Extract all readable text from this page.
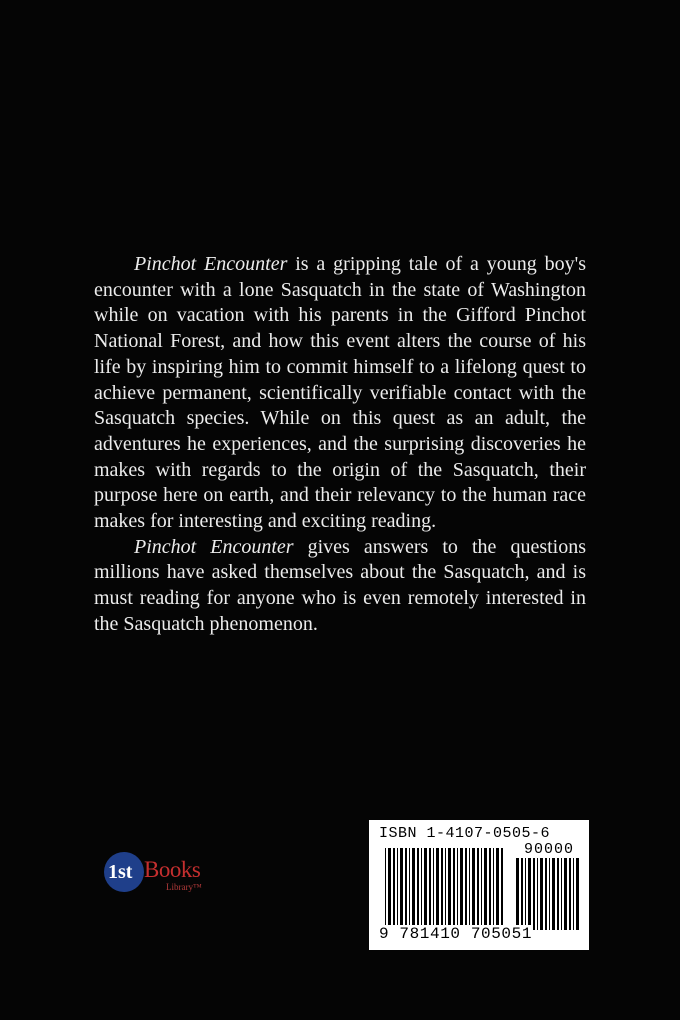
Pinchot Encounter is a gripping tale of a young boy's encounter with a lone Sasquatch in the state of Washington while on vacation with his parents in the Gifford Pinchot National Forest, and how this event alters the course of his life by inspiring him to commit himself to a lifelong quest to achieve permanent, scientifically verifiable contact with the Sasquatch species. While on this quest as an adult, the adventures he experiences, and the surprising discoveries he makes with regards to the origin of the Sasquatch, their purpose here on earth, and their relevancy to the human race makes for interesting and exciting reading.

Pinchot Encounter gives answers to the questions millions have asked themselves about the Sasquatch, and is must reading for anyone who is even remotely interested in the Sasquatch phenomenon.

1st Books
Library™
ISBN 1-4107-0505-6
90000
9 781410 705051
